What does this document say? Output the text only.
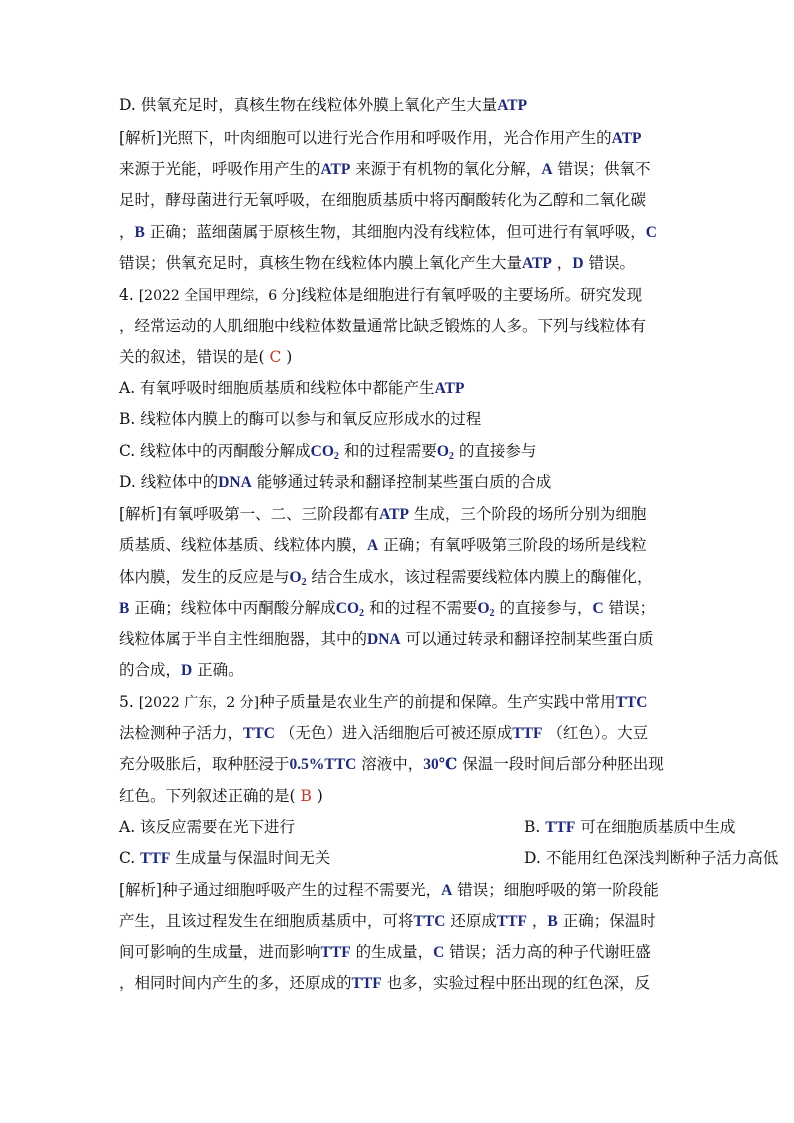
D. 供氧充足时，真核生物在线粒体外膜上氧化产生大量ATP
[解析]光照下，叶肉细胞可以进行光合作用和呼吸作用，光合作用产生的ATP
来源于光能，呼吸作用产生的ATP 来源于有机物的氧化分解，A 错误；供氧不
足时，酵母菌进行无氧呼吸，在细胞质基质中将丙酮酸转化为乙醇和二氧化碳
，B 正确；蓝细菌属于原核生物，其细胞内没有线粒体，但可进行有氧呼吸，C
错误；供氧充足时，真核生物在线粒体内膜上氧化产生大量ATP ，D 错误。
4. [2022 全国甲理综，6 分]线粒体是细胞进行有氧呼吸的主要场所。研究发现
，经常运动的人肌细胞中线粒体数量通常比缺乏锻炼的人多。下列与线粒体有
关的叙述，错误的是( C )
A. 有氧呼吸时细胞质基质和线粒体中都能产生ATP
B. 线粒体内膜上的酶可以参与和氧反应形成水的过程
C. 线粒体中的丙酮酸分解成$CO_2$ 和的过程需要$O_2$ 的直接参与
D. 线粒体中的DNA 能够通过转录和翻译控制某些蛋白质的合成
[解析]有氧呼吸第一、二、三阶段都有ATP 生成，三个阶段的场所分别为细胞
质基质、线粒体基质、线粒体内膜，A 正确；有氧呼吸第三阶段的场所是线粒
体内膜，发生的反应是与$O_2$ 结合生成水，该过程需要线粒体内膜上的酶催化，
B 正确；线粒体中丙酮酸分解成$CO_2$ 和的过程不需要$O_2$ 的直接参与，C 错误；
线粒体属于半自主性细胞器，其中的DNA 可以通过转录和翻译控制某些蛋白质
的合成，D 正确。
5. [2022 广东，2 分]种子质量是农业生产的前提和保障。生产实践中常用TTC
法检测种子活力，TTC （无色）进入活细胞后可被还原成TTF （红色）。大豆
充分吸胀后，取种胚浸于0.5%TTC 溶液中，30℃ 保温一段时间后部分种胚出现
红色。下列叙述正确的是( B )
A. 该反应需要在光下进行	B. TTF 可在细胞质基质中生成
C. TTF 生成量与保温时间无关	D. 不能用红色深浅判断种子活力高低
[解析]种子通过细胞呼吸产生的过程不需要光，A 错误；细胞呼吸的第一阶段能
产生，且该过程发生在细胞质基质中，可将TTC 还原成TTF ，B 正确；保温时
间可影响的生成量，进而影响TTF 的生成量，C 错误；活力高的种子代谢旺盛
，相同时间内产生的多，还原成的TTF 也多，实验过程中胚出现的红色深，反
